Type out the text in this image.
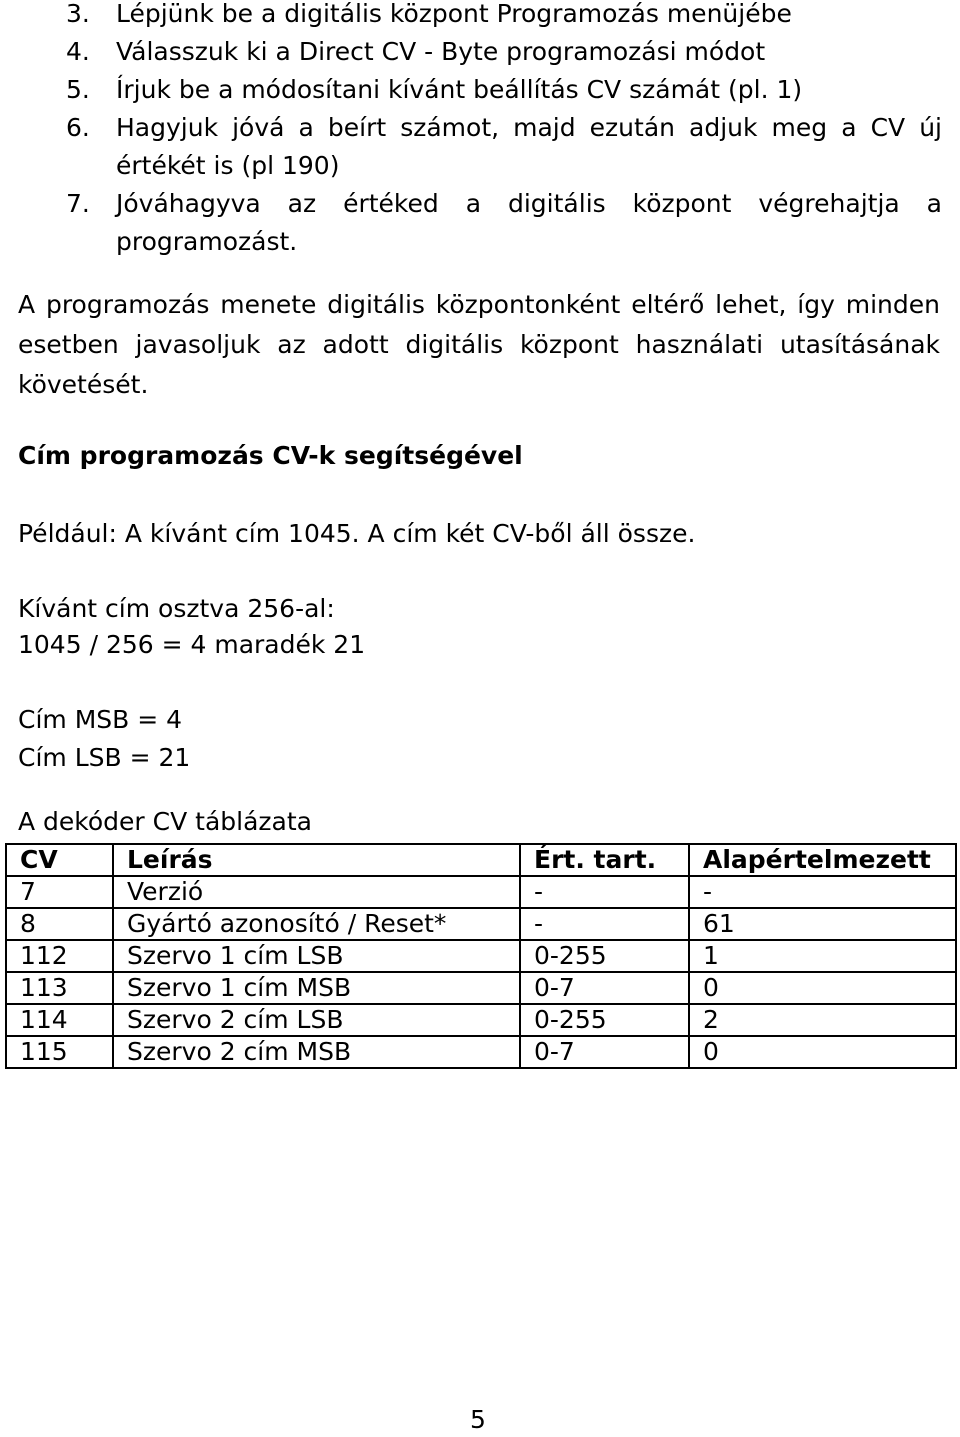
3.	Lépjünk be a digitális központ Programozás menüjébe
4.	Válasszuk ki a Direct CV - Byte programozási módot
5.	Írjuk be a módosítani kívánt beállítás CV számát (pl. 1)
6.	Hagyjuk jóvá a beírt számot, majd ezután adjuk meg a CV új értékét is (pl 190)
7.	Jóváhagyva az értéked a digitális központ végrehajtja a programozást.

A programozás menete digitális központonként eltérő lehet, így minden esetben javasoljuk az adott digitális központ használati utasításának követését.

Cím programozás CV-k segítségével
Például: A kívánt cím 1045. A cím két CV-ből áll össze.
Kívánt cím osztva 256-al:
1045 / 256 = 4 maradék 21
Cím MSB = 4
Cím LSB = 21
A dekóder CV táblázata
CV	Leírás	Ért. tart.	Alapértelmezett
7	Verzió	-	-
8	Gyártó azonosító / Reset*	-	61
112	Szervo 1 cím LSB	0-255	1
113	Szervo 1 cím MSB	0-7	0
114	Szervo 2 cím LSB	0-255	2
115	Szervo 2 cím MSB	0-7	0
5
